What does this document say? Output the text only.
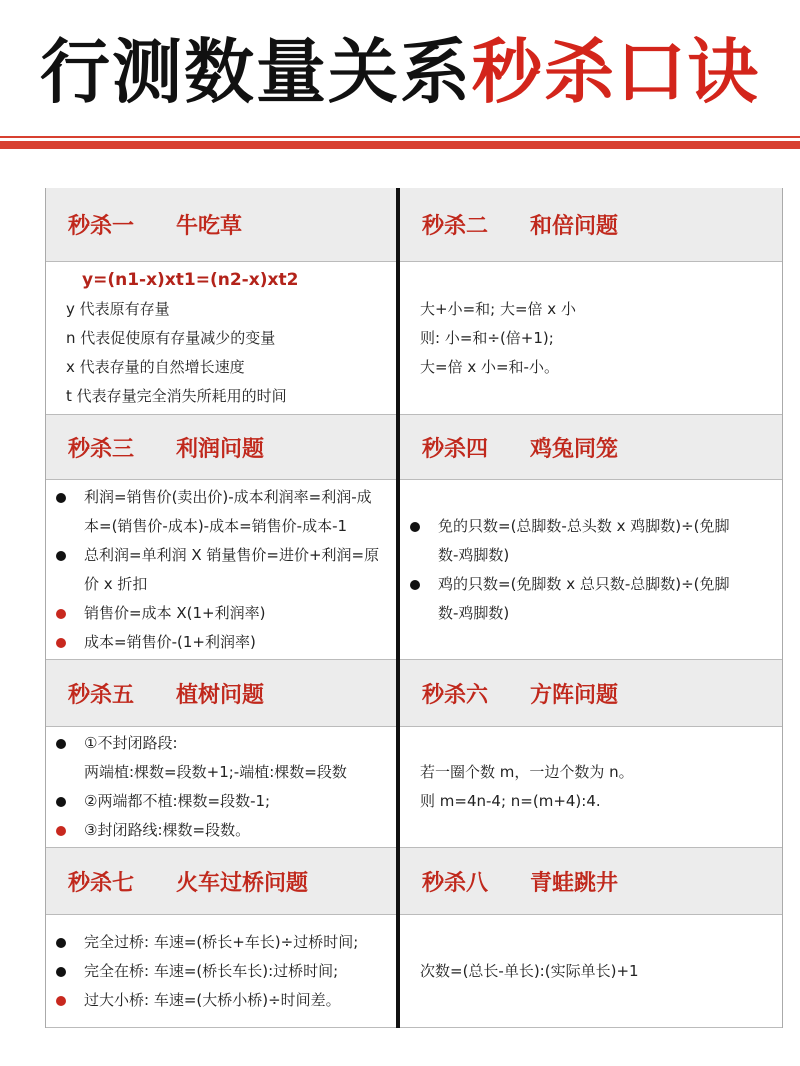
行测数量关系秒杀口诀
秒杀一	牛吃草
y=(n1-x)xt1=(n2-x)xt2
y 代表原有存量
n 代表促使原有存量减少的变量
x 代表存量的自然增长速度
t 代表存量完全消失所耗用的时间
秒杀二	和倍问题
大+小=和; 大=倍 x 小
则: 小=和÷(倍+1);
大=倍 x 小=和-小。
秒杀三	利润问题
利润=销售价(卖出价)-成本利润率=利润-成
本=(销售价-成本)-成本=销售价-成本-1
总利润=单利润 X 销量售价=进价+利润=原
价 x 折扣
销售价=成本 X(1+利润率)
成本=销售价-(1+利润率)
秒杀四	鸡兔同笼
免的只数=(总脚数-总头数 x 鸡脚数)÷(免脚
数-鸡脚数)
鸡的只数=(免脚数 x 总只数-总脚数)÷(免脚
数-鸡脚数)
秒杀五	植树问题
①不封闭路段:
两端植:棵数=段数+1;-端植:棵数=段数
②两端都不植:棵数=段数-1;
③封闭路线:棵数=段数。
秒杀六	方阵问题
若一圈个数 m，一边个数为 n。
则 m=4n-4; n=(m+4):4.
秒杀七	火车过桥问题
完全过桥: 车速=(桥长+车长)÷过桥时间;
完全在桥: 车速=(桥长车长):过桥时间;
过大小桥: 车速=(大桥小桥)÷时间差。
秒杀八	青蛙跳井
次数=(总长-单长):(实际单长)+1
